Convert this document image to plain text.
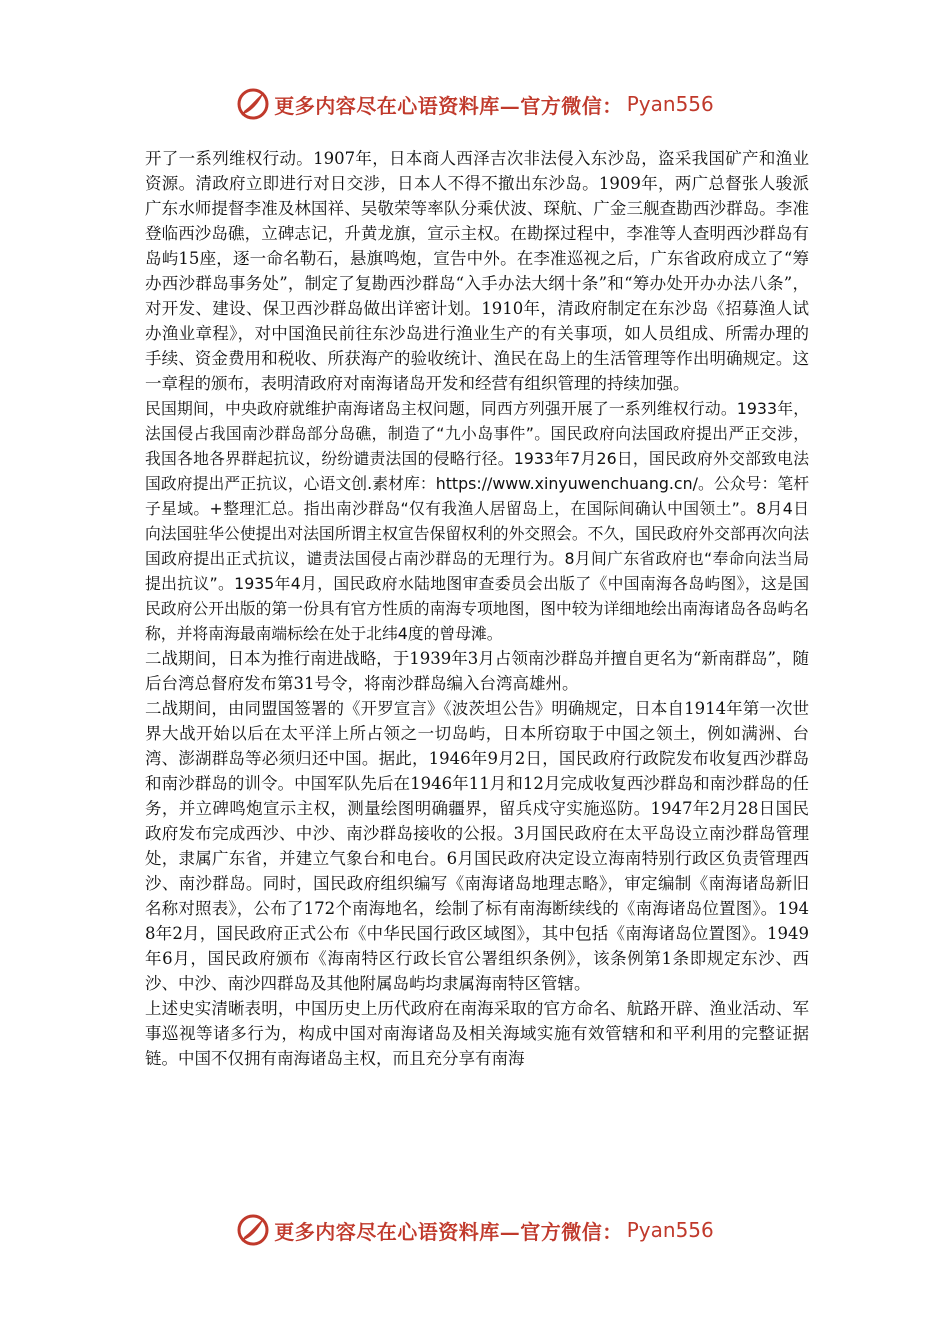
更多内容尽在心语资料库—官方微信： Pyan556

开了一系列维权行动。1907年，日本商人西泽吉次非法侵入东沙岛，盗采我国矿产和渔业资源。清政府立即进行对日交涉，日本人不得不撤出东沙岛。1909年，两广总督张人骏派广东水师提督李准及林国祥、吴敬荣等率队分乘伏波、琛航、广金三舰查勘西沙群岛。李准登临西沙岛礁，立碑志记，升黄龙旗，宣示主权。在勘探过程中，李准等人查明西沙群岛有岛屿15座，逐一命名勒石，悬旗鸣炮，宣告中外。在李准巡视之后，广东省政府成立了“筹办西沙群岛事务处”，制定了复勘西沙群岛“入手办法大纲十条”和“筹办处开办办法八条”，对开发、建设、保卫西沙群岛做出详密计划。1910年，清政府制定在东沙岛《招募渔人试办渔业章程》，对中国渔民前往东沙岛进行渔业生产的有关事项，如人员组成、所需办理的手续、资金费用和税收、所获海产的验收统计、渔民在岛上的生活管理等作出明确规定。这一章程的颁布，表明清政府对南海诸岛开发和经营有组织管理的持续加强。

民国期间，中央政府就维护南海诸岛主权问题，同西方列强开展了一系列维权行动。1933年，法国侵占我国南沙群岛部分岛礁，制造了“九小岛事件”。国民政府向法国政府提出严正交涉，我国各地各界群起抗议，纷纷谴责法国的侵略行径。1933年7月26日，国民政府外交部致电法国政府提出严正抗议，心语文创.素材库：https://www.xinyuwenchuang.cn/。公众号：笔杆子星域。+整理汇总。指出南沙群岛“仅有我渔人居留岛上，在国际间确认中国领土”。8月4日向法国驻华公使提出对法国所谓主权宣告保留权利的外交照会。不久，国民政府外交部再次向法国政府提出正式抗议，谴责法国侵占南沙群岛的无理行为。8月间广东省政府也“奉命向法当局提出抗议”。1935年4月，国民政府水陆地图审查委员会出版了《中国南海各岛屿图》，这是国民政府公开出版的第一份具有官方性质的南海专项地图，图中较为详细地绘出南海诸岛各岛屿名称，并将南海最南端标绘在处于北纬4度的曾母滩。

二战期间，日本为推行南进战略，于1939年3月占领南沙群岛并擅自更名为“新南群岛”，随后台湾总督府发布第31号令，将南沙群岛编入台湾高雄州。

二战期间，由同盟国签署的《开罗宣言》《波茨坦公告》明确规定，日本自1914年第一次世界大战开始以后在太平洋上所占领之一切岛屿，日本所窃取于中国之领土，例如满洲、台湾、澎湖群岛等必须归还中国。据此，1946年9月2日，国民政府行政院发布收复西沙群岛和南沙群岛的训令。中国军队先后在1946年11月和12月完成收复西沙群岛和南沙群岛的任务，并立碑鸣炮宣示主权，测量绘图明确疆界，留兵戍守实施巡防。1947年2月28日国民政府发布完成西沙、中沙、南沙群岛接收的公报。3月国民政府在太平岛设立南沙群岛管理处，隶属广东省，并建立气象台和电台。6月国民政府决定设立海南特别行政区负责管理西沙、南沙群岛。同时，国民政府组织编写《南海诸岛地理志略》，审定编制《南海诸岛新旧名称对照表》，公布了172个南海地名，绘制了标有南海断续线的《南海诸岛位置图》。1948年2月，国民政府正式公布《中华民国行政区域图》，其中包括《南海诸岛位置图》。1949年6月，国民政府颁布《海南特区行政长官公署组织条例》，该条例第1条即规定东沙、西沙、中沙、南沙四群岛及其他附属岛屿均隶属海南特区管辖。

上述史实清晰表明，中国历史上历代政府在南海采取的官方命名、航路开辟、渔业活动、军事巡视等诸多行为，构成中国对南海诸岛及相关海域实施有效管辖和和平利用的完整证据链。中国不仅拥有南海诸岛主权，而且充分享有南海

更多内容尽在心语资料库—官方微信： Pyan556
